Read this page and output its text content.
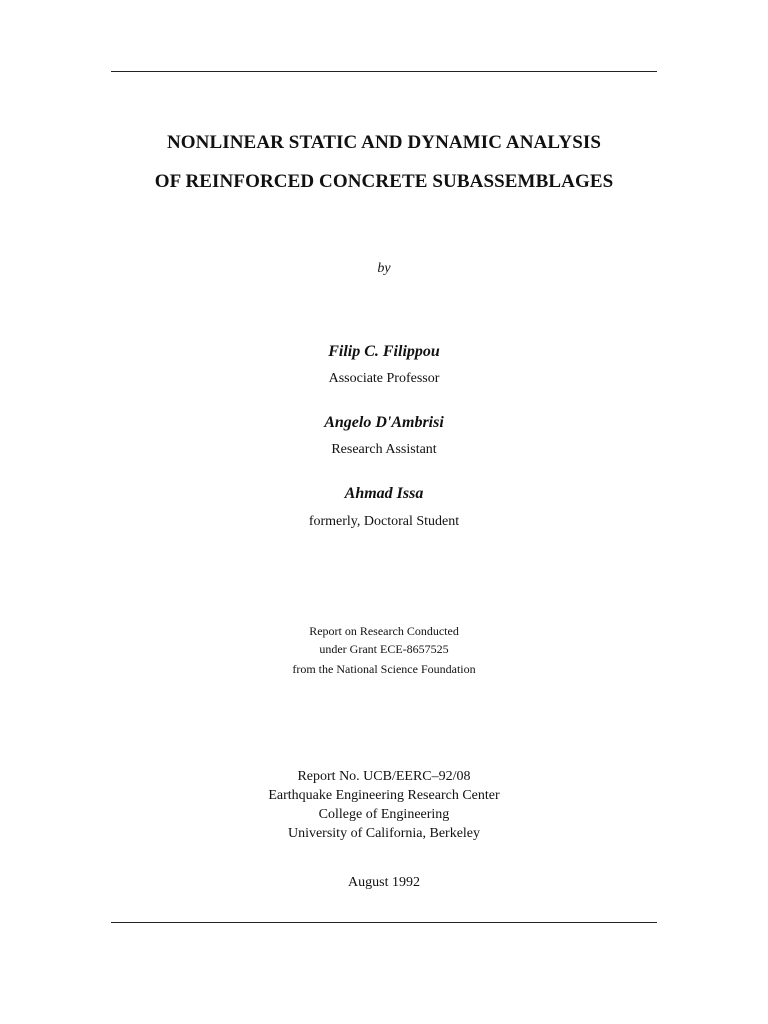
NONLINEAR STATIC AND DYNAMIC ANALYSIS
OF REINFORCED CONCRETE SUBASSEMBLAGES
by
Filip C. Filippou
Associate Professor
Angelo D'Ambrisi
Research Assistant
Ahmad Issa
formerly, Doctoral Student
Report on Research Conducted
under Grant ECE-8657525
from the National Science Foundation
Report No. UCB/EERC–92/08
Earthquake Engineering Research Center
College of Engineering
University of California, Berkeley
August 1992
